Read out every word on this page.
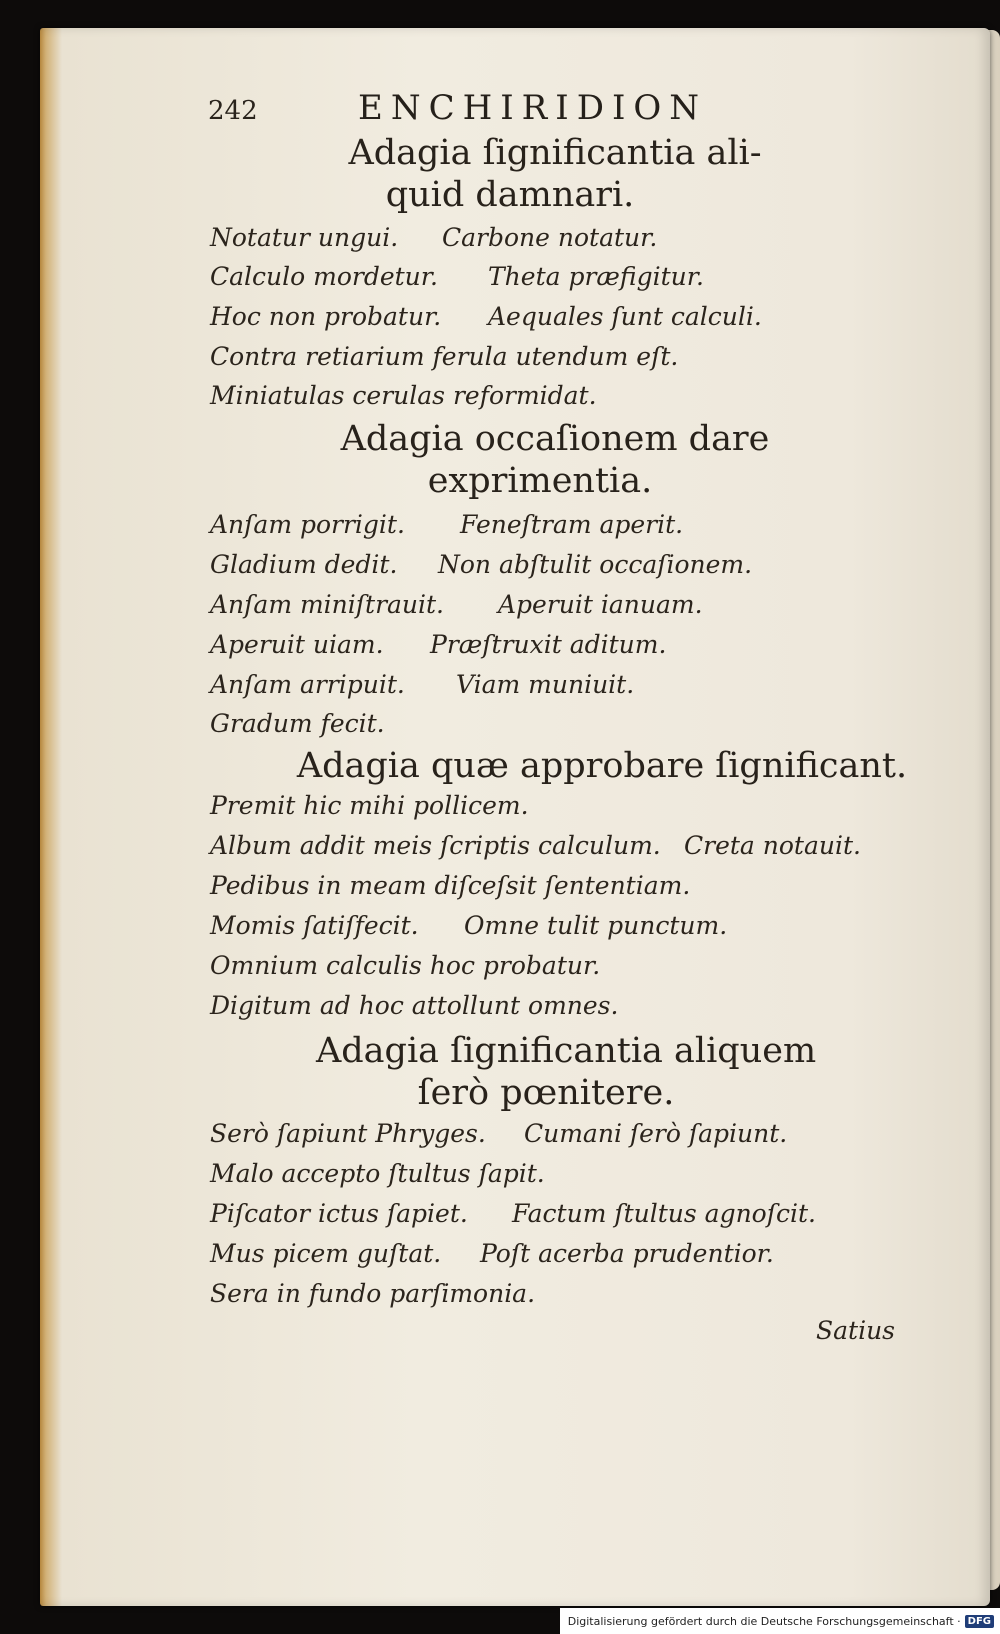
242	ENCHIRIDION
Adagia ſignificantia ali-
quid damnari.
Notatur ungui. Carbone notatur.
Calculo mordetur. Theta præfigitur.
Hoc non probatur. Aequales ſunt calculi.
Contra retiarium ferula utendum eſt.
Miniatulas cerulas reformidat.
Adagia occaſionem dare
exprimentia.
Anſam porrigit. Feneſtram aperit.
Gladium dedit. Non abſtulit occaſionem.
Anſam miniſtrauit. Aperuit ianuam.
Aperuit uiam. Præſtruxit aditum.
Anſam arripuit. Viam muniuit.
Gradum fecit.
Adagia quæ approbare ſignificant.
Premit hic mihi pollicem.
Album addit meis ſcriptis calculum. Creta notauit.
Pedibus in meam diſceſsit ſententiam.
Momis ſatiſfecit. Omne tulit punctum.
Omnium calculis hoc probatur.
Digitum ad hoc attollunt omnes.
Adagia ſignificantia aliquem
ſerò pœnitere.
Serò ſapiunt Phryges. Cumani ſerò ſapiunt.
Malo accepto ſtultus ſapit.
Piſcator ictus ſapiet. Factum ſtultus agnoſcit.
Mus picem guſtat. Poſt acerba prudentior.
Sera in fundo parſimonia.
Satius
Digitalisierung gefördert durch die Deutsche Forschungsgemeinschaft · DFG
